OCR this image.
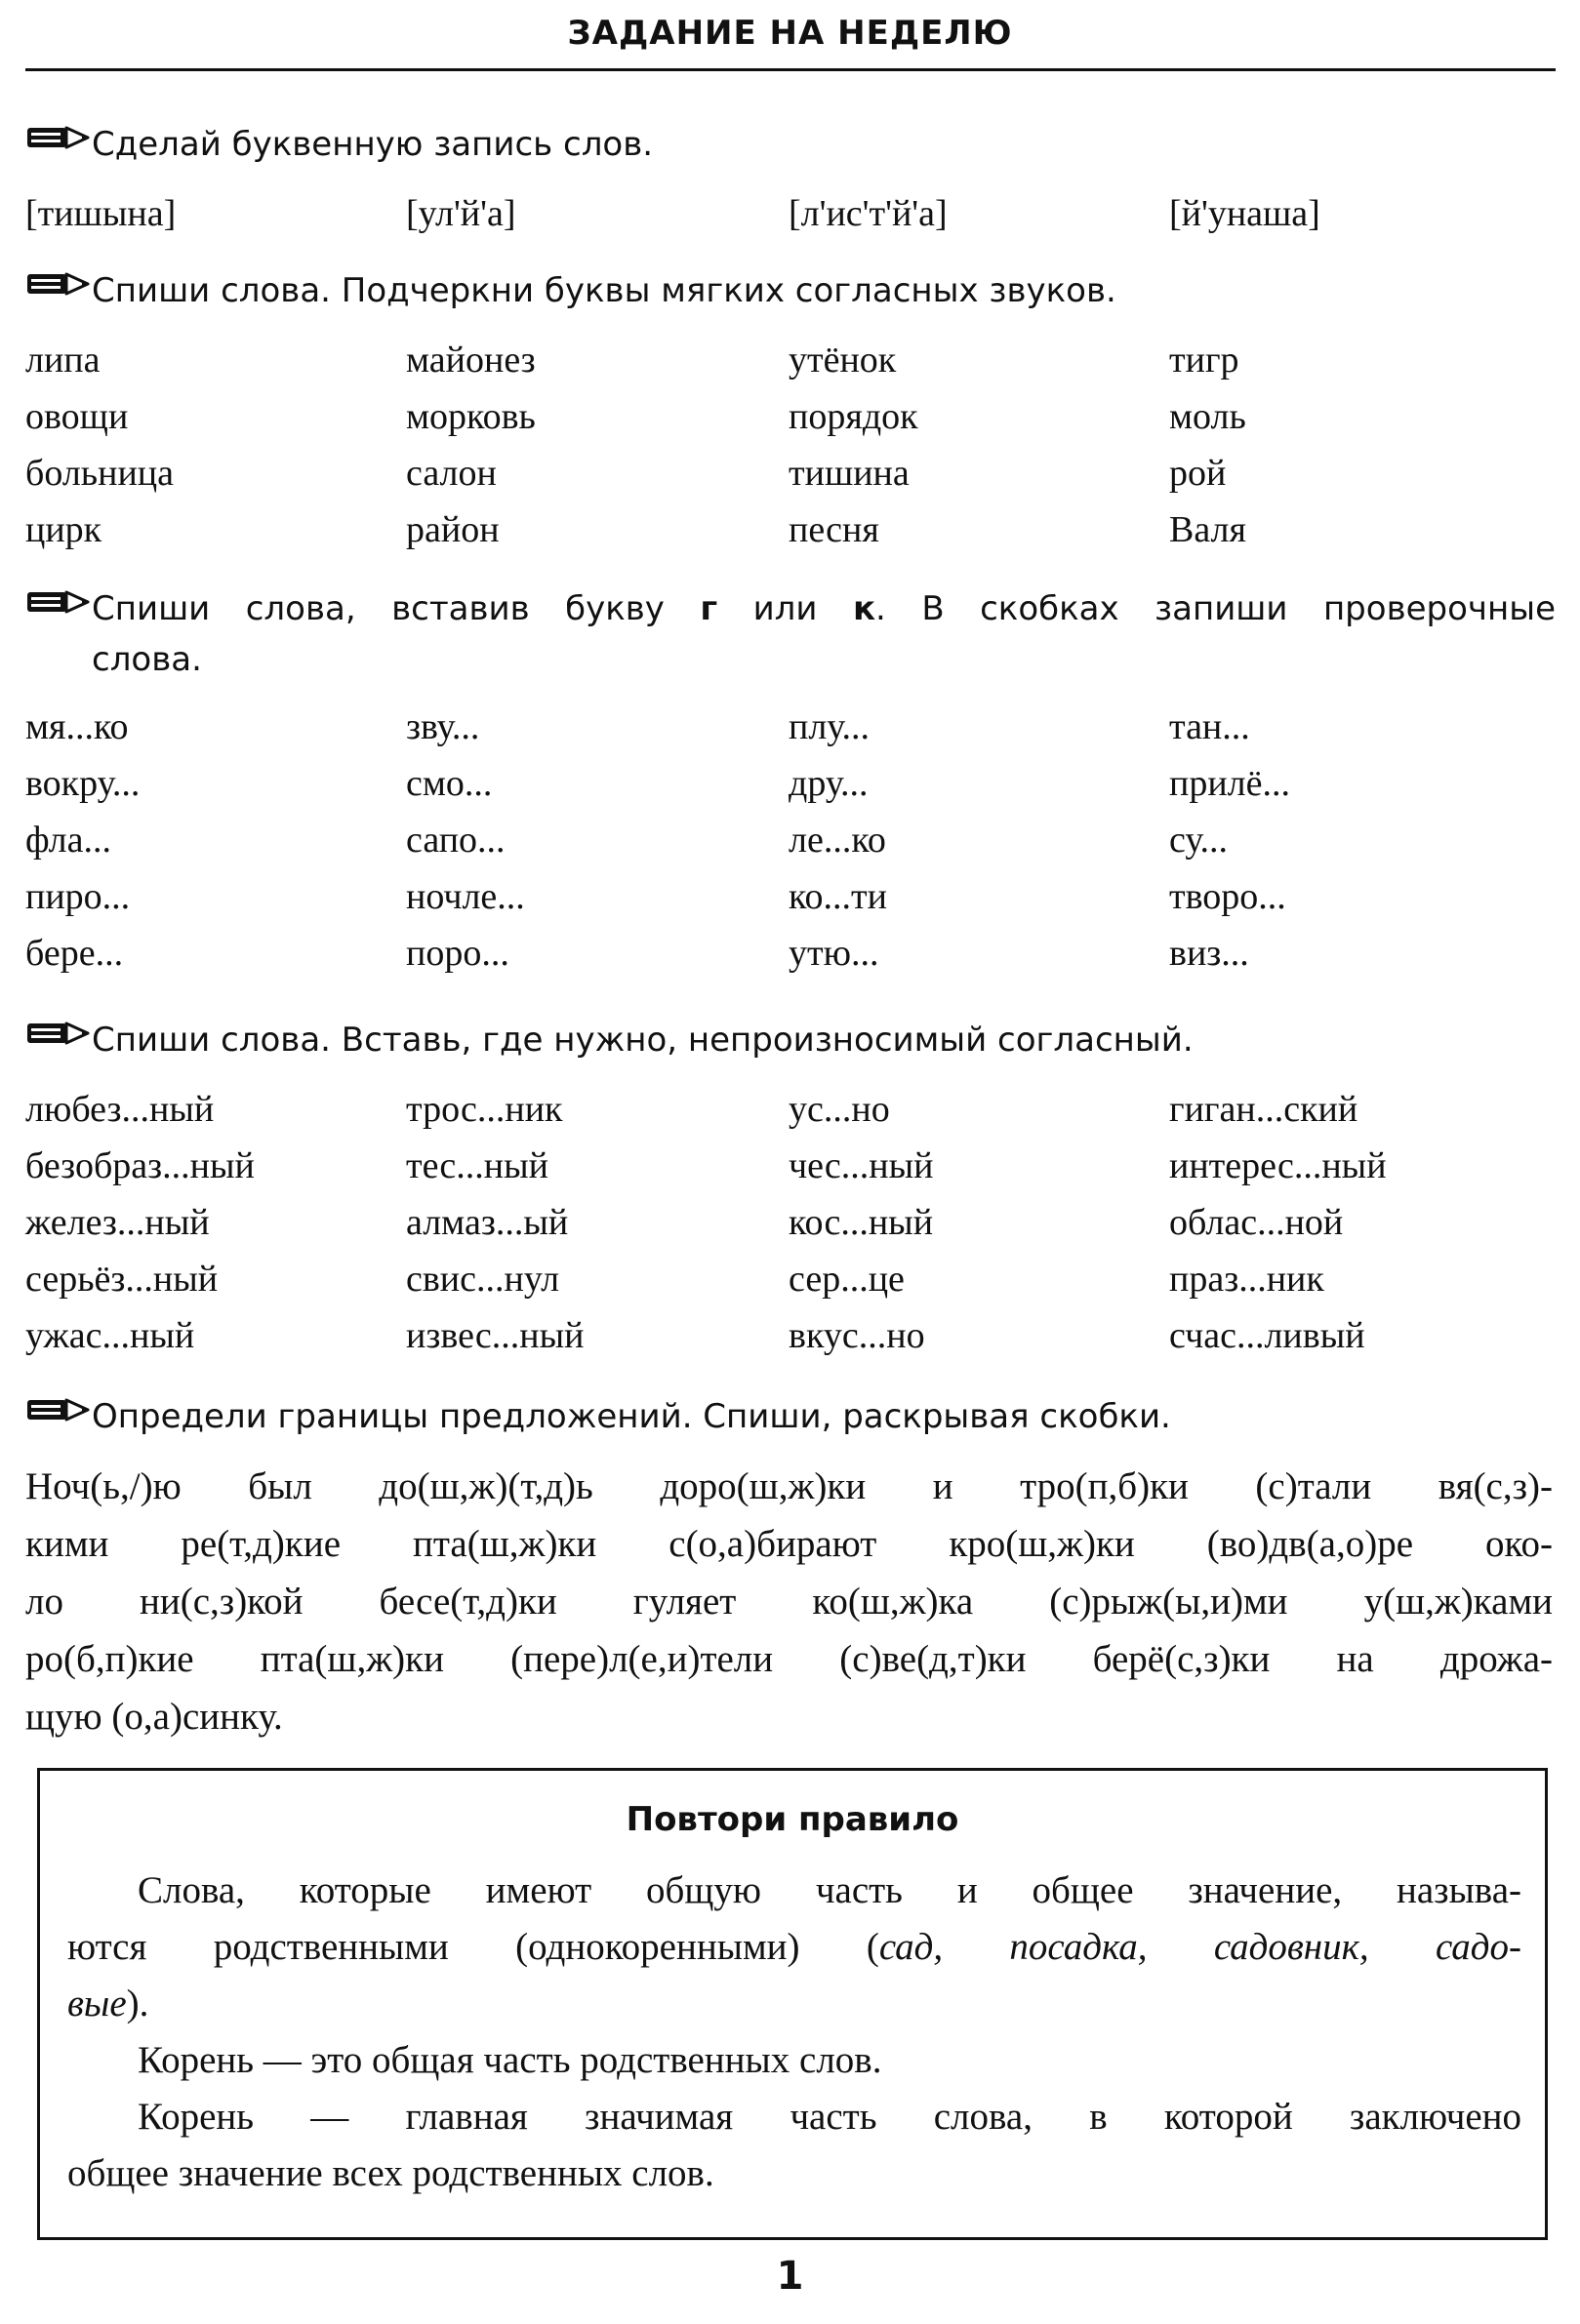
ЗАДАНИЕ НА НЕДЕЛЮ
Сделай буквенную запись слов.
[тишына]	[ул'й'а]	[л'ис'т'й'а]	[й'унаша]
Спиши слова. Подчеркни буквы мягких согласных звуков.
липа	майонез	утёнок	тигр
овощи	морковь	порядок	моль
больница	салон	тишина	рой
цирк	район	песня	Валя
Спиши слова, вставив букву г или к. В скобках запиши проверочные
слова.
мя...ко	зву...	плу...	тан...
вокру...	смо...	дру...	прилё...
фла...	сапо...	ле...ко	су...
пиро...	ночле...	ко...ти	творо...
бере...	поро...	утю...	виз...
Спиши слова. Вставь, где нужно, непроизносимый согласный.
любез...ный	трос...ник	ус...но	гиган...ский
безобраз...ный	тес...ный	чес...ный	интерес...ный
желез...ный	алмаз...ый	кос...ный	облас...ной
серьёз...ный	свис...нул	сер...це	праз...ник
ужас...ный	извес...ный	вкус...но	счас...ливый
Определи границы предложений. Спиши, раскрывая скобки.
Ноч(ь,/)ю был до(ш,ж)(т,д)ь доро(ш,ж)ки и тро(п,б)ки (с)тали вя(с,з)-
кими ре(т,д)кие пта(ш,ж)ки с(о,а)бирают кро(ш,ж)ки (во)дв(а,о)ре око-
ло ни(с,з)кой бесе(т,д)ки гуляет ко(ш,ж)ка (с)рыж(ы,и)ми у(ш,ж)ками
ро(б,п)кие пта(ш,ж)ки (пере)л(е,и)тели (с)ве(д,т)ки берё(с,з)ки на дрожа-
щую (о,а)синку.
Повтори правило
Слова, которые имеют общую часть и общее значение, называ-
ются родственными (однокоренными) (сад, посадка, садовник, садо-
вые).
Корень — это общая часть родственных слов.
Корень — главная значимая часть слова, в которой заключено
общее значение всех родственных слов.
1
